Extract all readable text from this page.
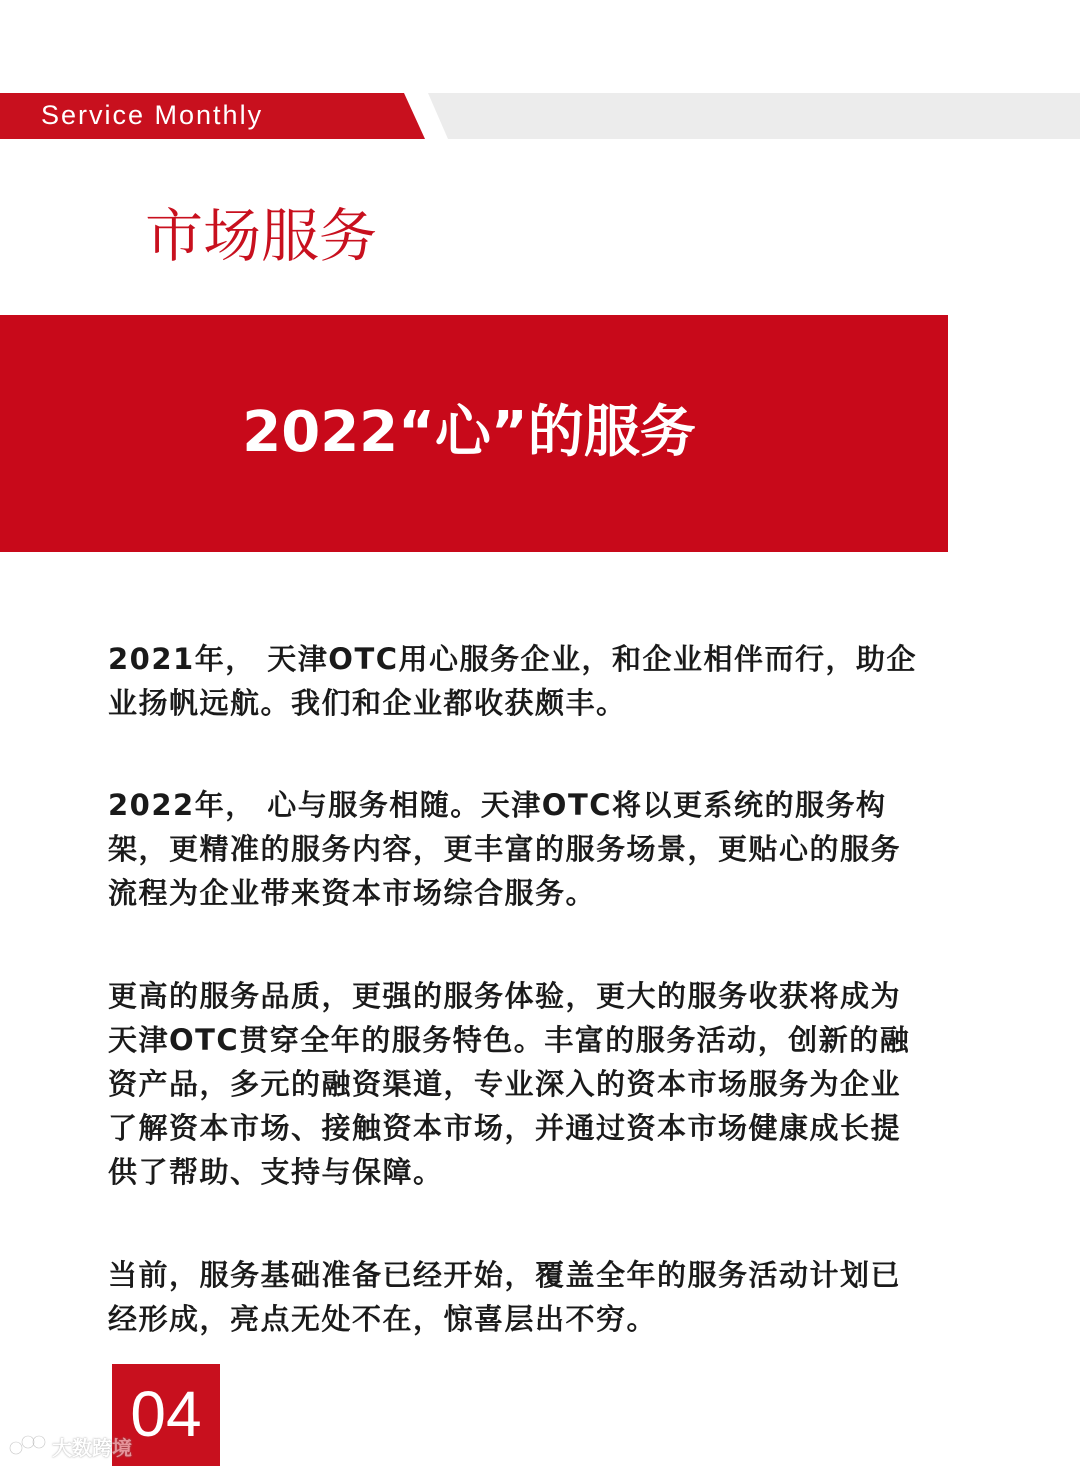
Service Monthly
市场服务
2022“心”的服务

2021年， 天津OTC用心服务企业，和企业相伴而行，助企业扬帆远航。我们和企业都收获颇丰。

2022年， 心与服务相随。天津OTC将以更系统的服务构架，更精准的服务内容，更丰富的服务场景，更贴心的服务流程为企业带来资本市场综合服务。

更高的服务品质，更强的服务体验，更大的服务收获将成为天津OTC贯穿全年的服务特色。丰富的服务活动，创新的融资产品，多元的融资渠道，专业深入的资本市场服务为企业了解资本市场、接触资本市场，并通过资本市场健康成长提供了帮助、支持与保障。

当前，服务基础准备已经开始，覆盖全年的服务活动计划已经形成，亮点无处不在，惊喜层出不穷。

04
大数跨境
